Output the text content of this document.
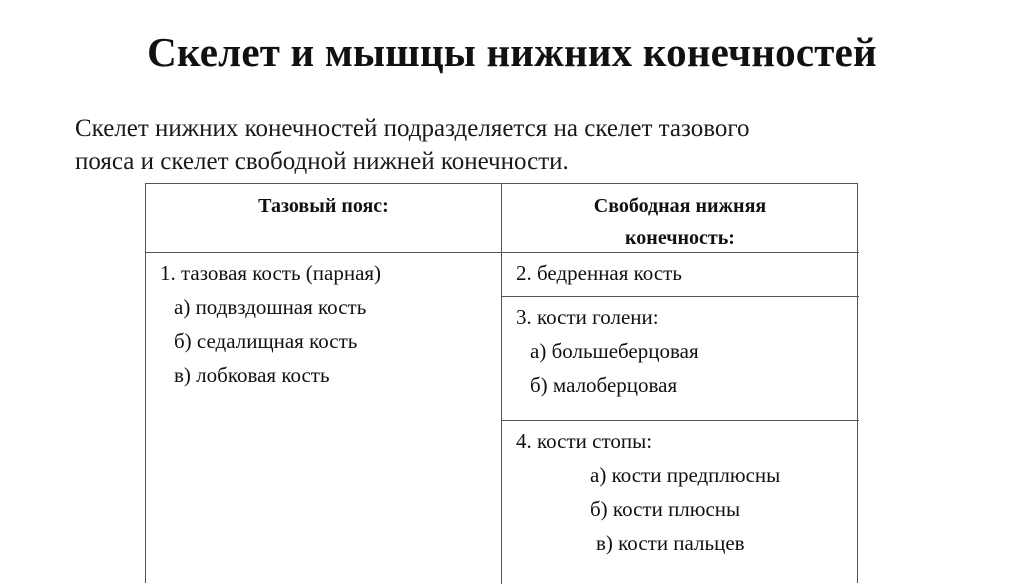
Скелет и мышцы нижних конечностей
Скелет нижних конечностей подразделяется на скелет тазового
пояса и скелет свободной нижней конечности.
Тазовый пояс:	Свободная нижняя
конечность:
1. тазовая кость (парная)
а) подвздошная кость
б) седалищная кость
в) лобковая кость
2. бедренная кость
3. кости голени:
а) большеберцовая
б) малоберцовая
4. кости стопы:
а) кости предплюсны
б) кости плюсны
в) кости пальцев
